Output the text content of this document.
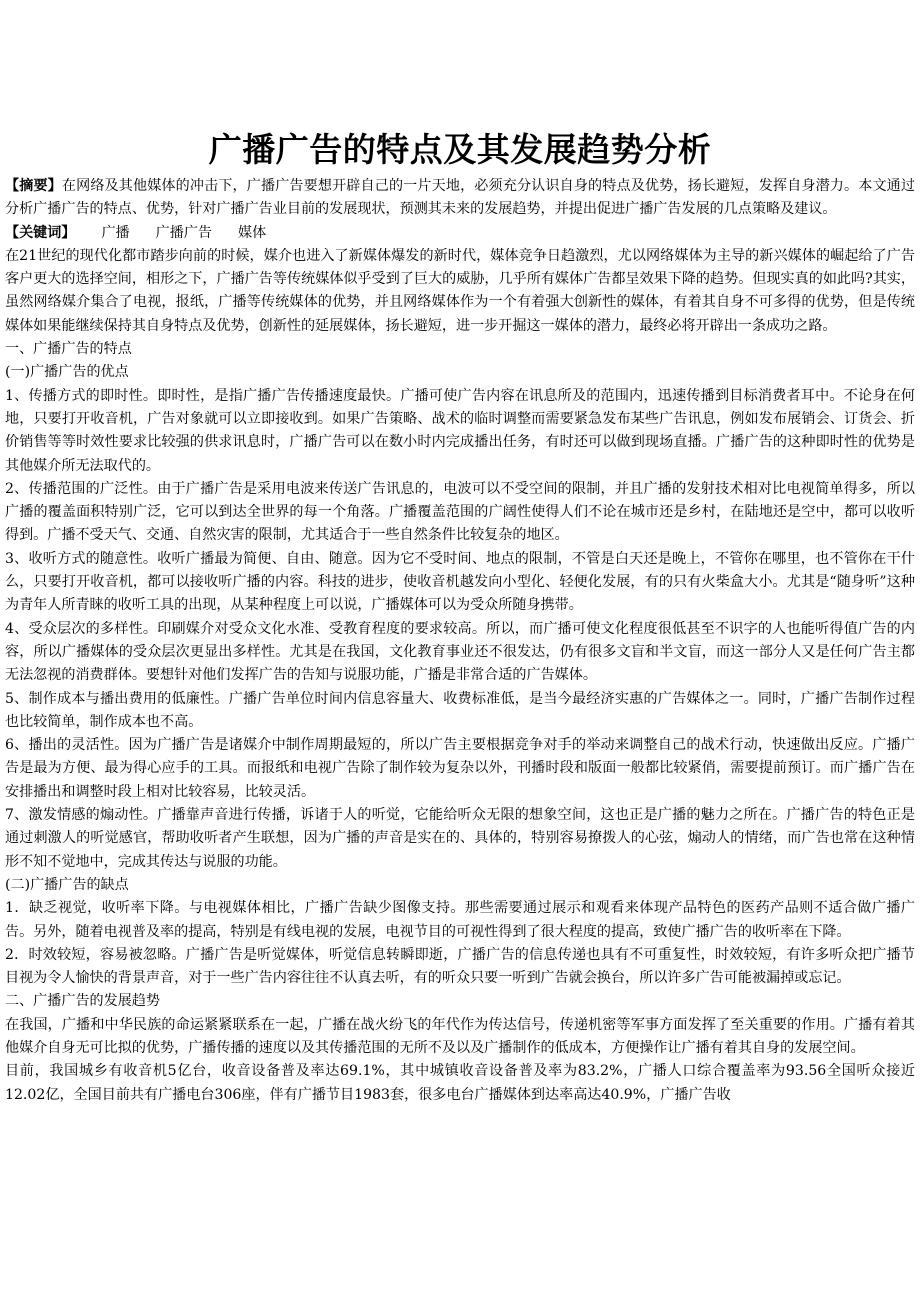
广播广告的特点及其发展趋势分析

【摘要】在网络及其他媒体的冲击下，广播广告要想开辟自己的一片天地，必须充分认识自身的特点及优势，扬长避短，发挥自身潜力。本文通过分析广播广告的特点、优势，针对广播广告业目前的发展现状，预测其未来的发展趋势，并提出促进广播广告发展的几点策略及建议。

【关键词】 广播 广播广告 媒体

在21世纪的现代化都市踏步向前的时候，媒介也进入了新媒体爆发的新时代，媒体竞争日趋激烈，尤以网络媒体为主导的新兴媒体的崛起给了广告客户更大的选择空间，相形之下，广播广告等传统媒体似乎受到了巨大的威胁，几乎所有媒体广告都呈效果下降的趋势。但现实真的如此吗?其实，虽然网络媒介集合了电视，报纸，广播等传统媒体的优势，并且网络媒体作为一个有着强大创新性的媒体，有着其自身不可多得的优势，但是传统媒体如果能继续保持其自身特点及优势，创新性的延展媒体，扬长避短，进一步开掘这一媒体的潜力，最终必将开辟出一条成功之路。

一、广播广告的特点

(一)广播广告的优点

1、传播方式的即时性。即时性，是指广播广告传播速度最快。广播可使广告内容在讯息所及的范围内，迅速传播到目标消费者耳中。不论身在何地，只要打开收音机，广告对象就可以立即接收到。如果广告策略、战术的临时调整而需要紧急发布某些广告讯息，例如发布展销会、订货会、折价销售等等时效性要求比较强的供求讯息时，广播广告可以在数小时内完成播出任务，有时还可以做到现场直播。广播广告的这种即时性的优势是其他媒介所无法取代的。

2、传播范围的广泛性。由于广播广告是采用电波来传送广告讯息的，电波可以不受空间的限制，并且广播的发射技术相对比电视简单得多，所以广播的覆盖面积特别广泛，它可以到达全世界的每一个角落。广播覆盖范围的广阔性使得人们不论在城市还是乡村，在陆地还是空中，都可以收听得到。广播不受天气、交通、自然灾害的限制，尤其适合于一些自然条件比较复杂的地区。

3、收听方式的随意性。收听广播最为简便、自由、随意。因为它不受时间、地点的限制，不管是白天还是晚上，不管你在哪里，也不管你在干什么，只要打开收音机，都可以接收听广播的内容。科技的进步，使收音机越发向小型化、轻便化发展，有的只有火柴盒大小。尤其是“随身听”这种为青年人所青睐的收听工具的出现，从某种程度上可以说，广播媒体可以为受众所随身携带。

4、受众层次的多样性。印刷媒介对受众文化水准、受教育程度的要求较高。所以，而广播可使文化程度很低甚至不识字的人也能听得值广告的内容，所以广播媒体的受众层次更显出多样性。尤其是在我国，文化教育事业还不很发达，仍有很多文盲和半文盲，而这一部分人又是任何广告主都无法忽视的消费群体。要想针对他们发挥广告的告知与说服功能，广播是非常合适的广告媒体。

5、制作成本与播出费用的低廉性。广播广告单位时间内信息容量大、收费标准低，是当今最经济实惠的广告媒体之一。同时，广播广告制作过程也比较简单，制作成本也不高。

6、播出的灵活性。因为广播广告是诸媒介中制作周期最短的，所以广告主要根据竞争对手的举动来调整自己的战术行动，快速做出反应。广播广告是最为方便、最为得心应手的工具。而报纸和电视广告除了制作较为复杂以外，刊播时段和版面一般都比较紧俏，需要提前预订。而广播广告在安排播出和调整时段上相对比较容易，比较灵活。

7、激发情感的煽动性。广播靠声音进行传播，诉诸于人的听觉，它能给听众无限的想象空间，这也正是广播的魅力之所在。广播广告的特色正是通过刺激人的听觉感官，帮助收听者产生联想，因为广播的声音是实在的、具体的，特别容易撩拨人的心弦，煽动人的情绪，而广告也常在这种情形不知不觉地中，完成其传达与说服的功能。

(二)广播广告的缺点

1．缺乏视觉，收听率下降。与电视媒体相比，广播广告缺少图像支持。那些需要通过展示和观看来体现产品特色的医药产品则不适合做广播广告。另外，随着电视普及率的提高，特别是有线电视的发展，电视节目的可视性得到了很大程度的提高，致使广播广告的收听率在下降。

2．时效较短，容易被忽略。广播广告是听觉媒体，听觉信息转瞬即逝，广播广告的信息传递也具有不可重复性，时效较短，有许多听众把广播节目视为令人愉快的背景声音，对于一些广告内容往往不认真去听，有的听众只要一听到广告就会换台，所以许多广告可能被漏掉或忘记。

二、广播广告的发展趋势

在我国，广播和中华民族的命运紧紧联系在一起，广播在战火纷飞的年代作为传达信号，传递机密等军事方面发挥了至关重要的作用。广播有着其他媒介自身无可比拟的优势，广播传播的速度以及其传播范围的无所不及以及广播制作的低成本，方便操作让广播有着其自身的发展空间。

目前，我国城乡有收音机5亿台，收音设备普及率达69.1%，其中城镇收音设备普及率为83.2%，广播人口综合覆盖率为93.56全国听众接近12.02亿，全国目前共有广播电台306座，伴有广播节目1983套，很多电台广播媒体到达率高达40.9%，广播广告收
